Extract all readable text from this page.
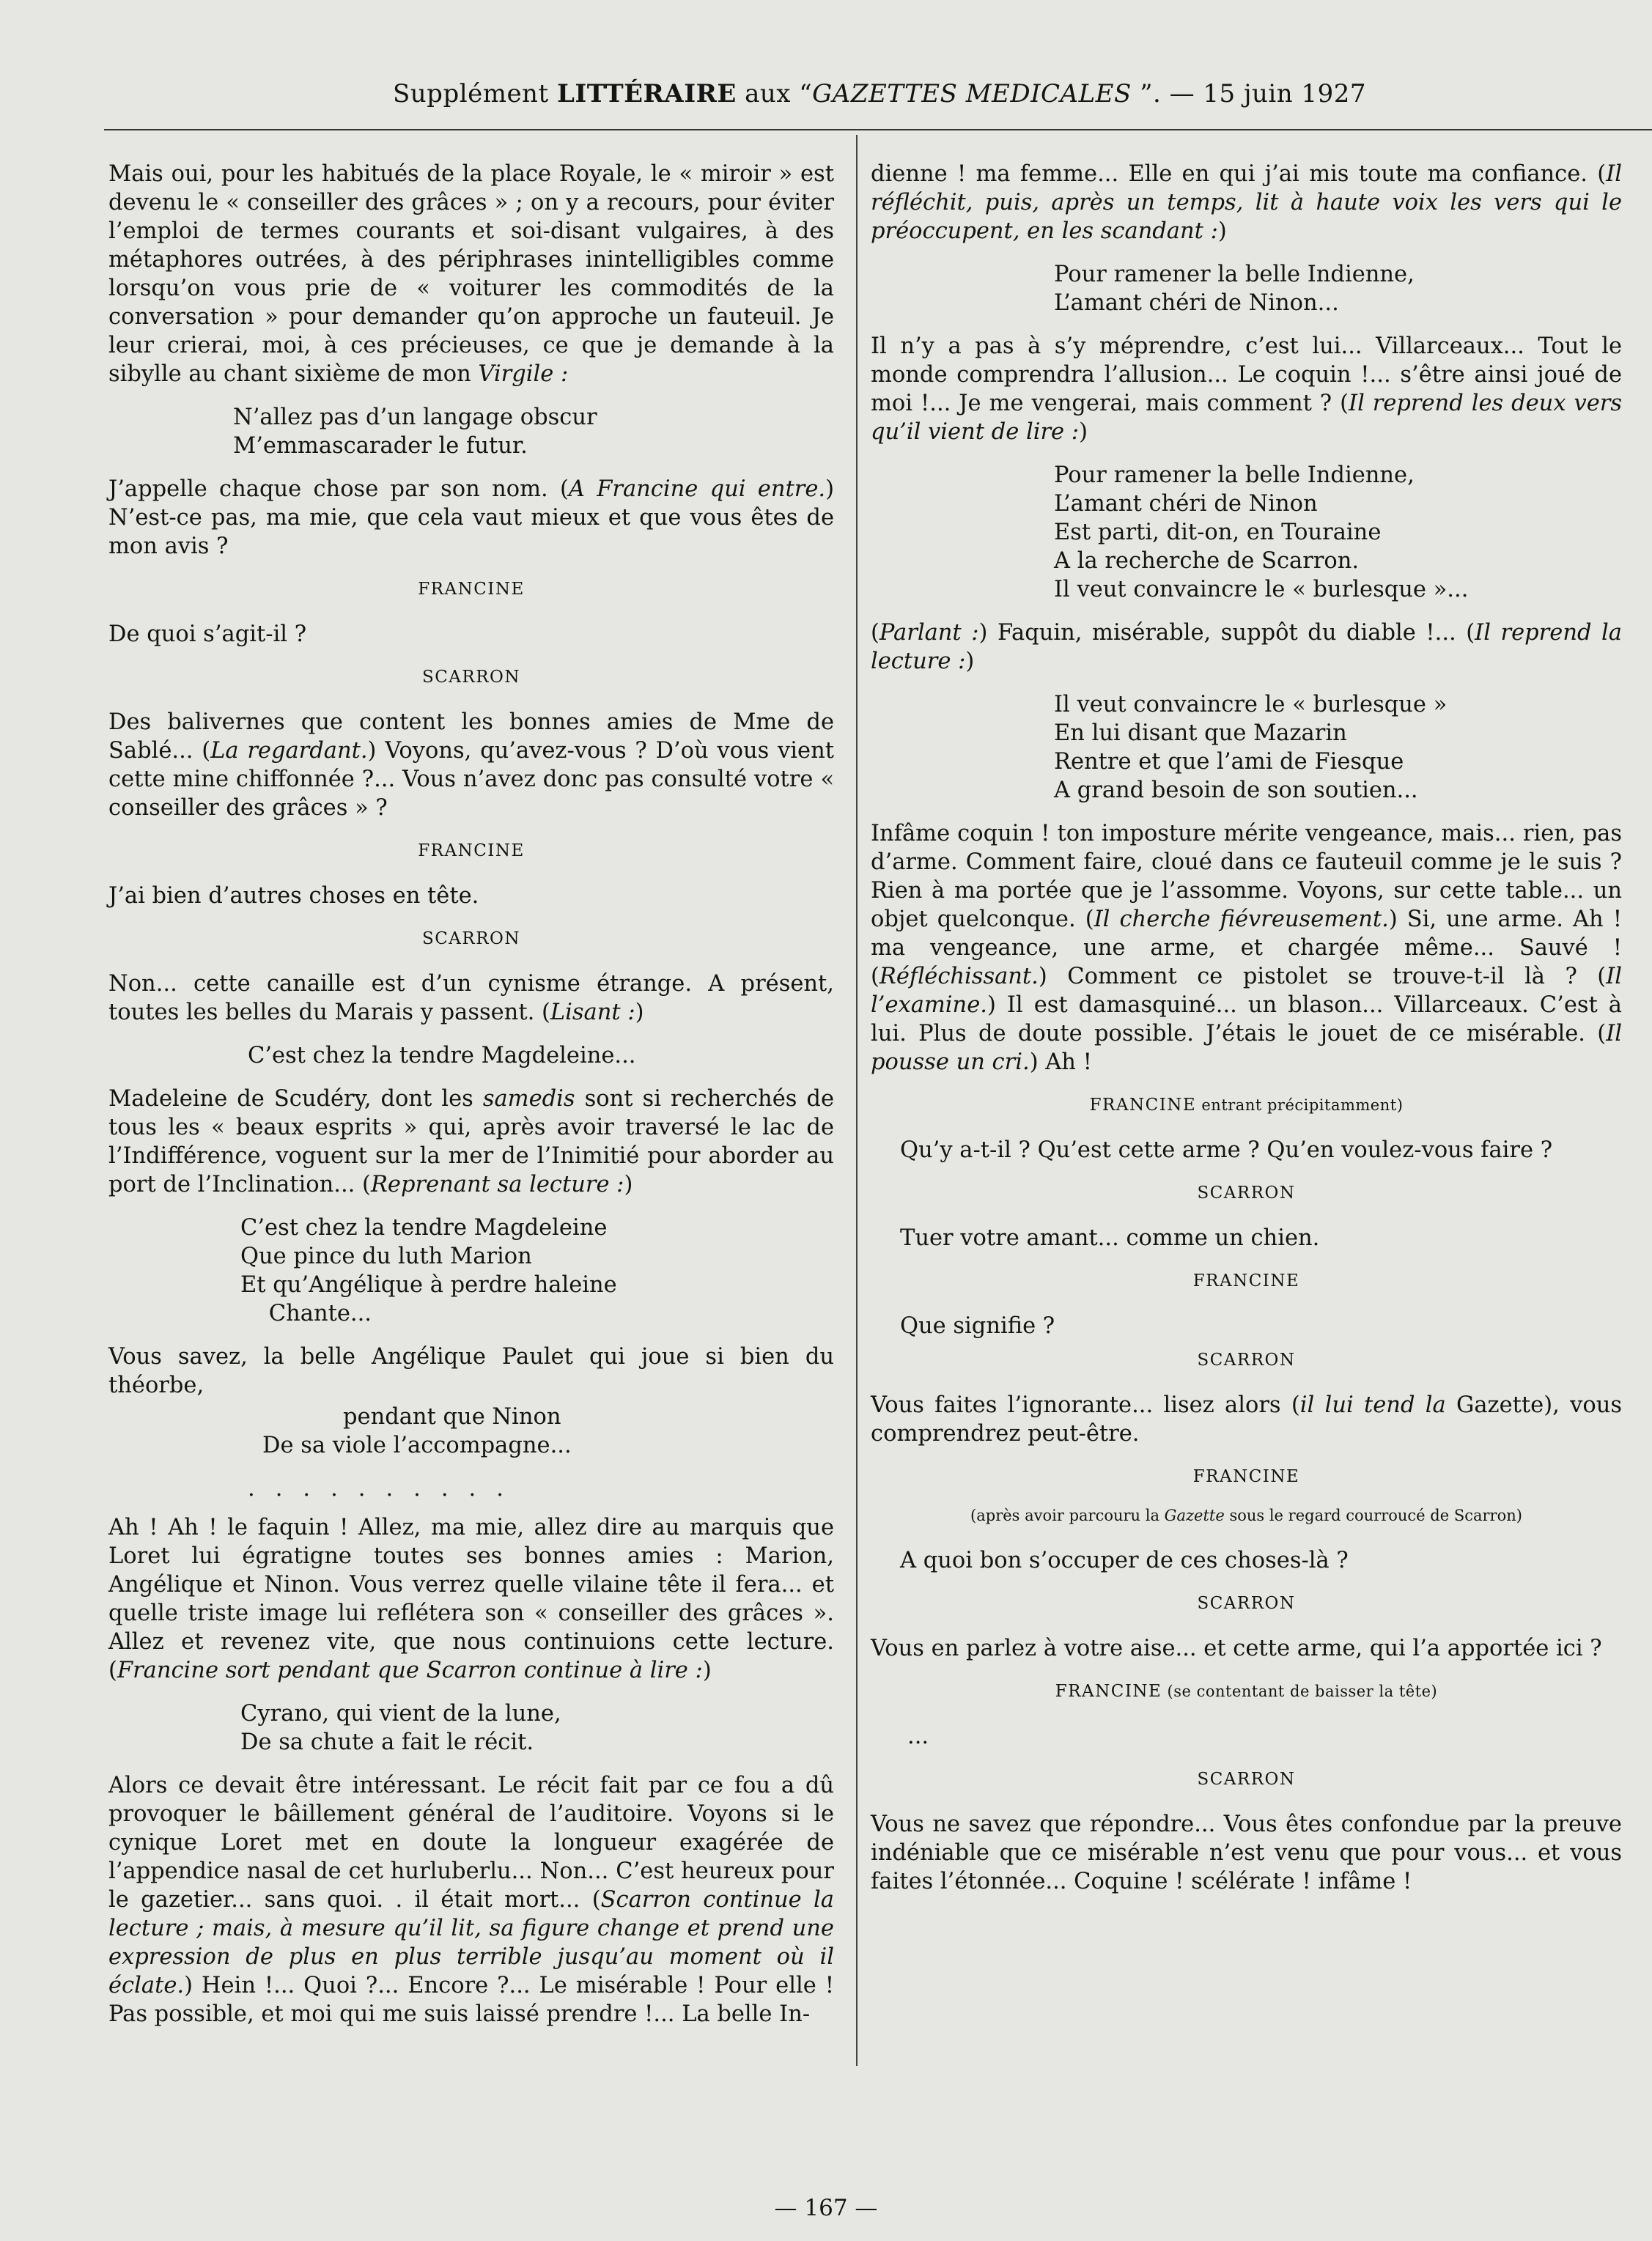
Supplément LITTÉRAIRE aux “GAZETTES MEDICALES ”. — 15 juin 1927

Mais oui, pour les habitués de la place Royale, le « miroir » est devenu le « conseiller des grâces » ; on y a recours, pour éviter l’emploi de termes courants et soi-disant vulgaires, à des métaphores outrées, à des périphrases inintelligibles comme lorsqu’on vous prie de « voiturer les commodités de la conversation » pour demander qu’on approche un fauteuil. Je leur crierai, moi, à ces précieuses, ce que je demande à la sibylle au chant sixième de mon Virgile :

N’allez pas d’un langage obscur
M’emmascarader le futur.

J’appelle chaque chose par son nom. (A Francine qui entre.) N’est-ce pas, ma mie, que cela vaut mieux et que vous êtes de mon avis ?

FRANCINE

De quoi s’agit-il ?

SCARRON

Des balivernes que content les bonnes amies de Mme de Sablé... (La regardant.) Voyons, qu’avez-vous ? D’où vous vient cette mine chiffonnée ?... Vous n’avez donc pas consulté votre « conseiller des grâces » ?

FRANCINE

J’ai bien d’autres choses en tête.

SCARRON

Non... cette canaille est d’un cynisme étrange. A présent, toutes les belles du Marais y passent. (Lisant :)

C’est chez la tendre Magdeleine...

Madeleine de Scudéry, dont les samedis sont si recherchés de tous les « beaux esprits » qui, après avoir traversé le lac de l’Indifférence, voguent sur la mer de l’Inimitié pour aborder au port de l’Inclination... (Reprenant sa lecture :)

C’est chez la tendre Magdeleine
Que pince du luth Marion
Et qu’Angélique à perdre haleine
Chante...

Vous savez, la belle Angélique Paulet qui joue si bien du théorbe,

pendant que Ninon
De sa viole l’accompagne...
..........

Ah ! Ah ! le faquin ! Allez, ma mie, allez dire au marquis que Loret lui égratigne toutes ses bonnes amies : Marion, Angélique et Ninon. Vous verrez quelle vilaine tête il fera... et quelle triste image lui reflétera son « conseiller des grâces ». Allez et revenez vite, que nous continuions cette lecture. (Francine sort pendant que Scarron continue à lire :)

Cyrano, qui vient de la lune,
De sa chute a fait le récit.

Alors ce devait être intéressant. Le récit fait par ce fou a dû provoquer le bâillement général de l’auditoire. Voyons si le cynique Loret met en doute la longueur exagérée de l’appendice nasal de cet hurluberlu... Non... C’est heureux pour le gazetier... sans quoi. . il était mort... (Scarron continue la lecture ; mais, à mesure qu’il lit, sa figure change et prend une expression de plus en plus terrible jusqu’au moment où il éclate.) Hein !... Quoi ?... Encore ?... Le misérable ! Pour elle ! Pas possible, et moi qui me suis laissé prendre !... La belle In-

dienne ! ma femme... Elle en qui j’ai mis toute ma confiance. (Il réfléchit, puis, après un temps, lit à haute voix les vers qui le préoccupent, en les scandant :)

Pour ramener la belle Indienne,
L’amant chéri de Ninon...

Il n’y a pas à s’y méprendre, c’est lui... Villarceaux... Tout le monde comprendra l’allusion... Le coquin !... s’être ainsi joué de moi !... Je me vengerai, mais comment ? (Il reprend les deux vers qu’il vient de lire :)

Pour ramener la belle Indienne,
L’amant chéri de Ninon
Est parti, dit-on, en Touraine
A la recherche de Scarron.
Il veut convaincre le « burlesque »...

(Parlant :) Faquin, misérable, suppôt du diable !... (Il reprend la lecture :)

Il veut convaincre le « burlesque »
En lui disant que Mazarin
Rentre et que l’ami de Fiesque
A grand besoin de son soutien...

Infâme coquin ! ton imposture mérite vengeance, mais... rien, pas d’arme. Comment faire, cloué dans ce fauteuil comme je le suis ? Rien à ma portée que je l’assomme. Voyons, sur cette table... un objet quelconque. (Il cherche fiévreusement.) Si, une arme. Ah ! ma vengeance, une arme, et chargée même... Sauvé ! (Réfléchissant.) Comment ce pistolet se trouve-t-il là ? (Il l’examine.) Il est damasquiné... un blason... Villarceaux. C’est à lui. Plus de doute possible. J’étais le jouet de ce misérable. (Il pousse un cri.) Ah !

FRANCINE entrant précipitamment)

Qu’y a-t-il ? Qu’est cette arme ? Qu’en voulez-vous faire ?

SCARRON

Tuer votre amant... comme un chien.

FRANCINE

Que signifie ?

SCARRON

Vous faites l’ignorante... lisez alors (il lui tend la Gazette), vous comprendrez peut-être.

FRANCINE
(après avoir parcouru la Gazette sous le regard courroucé de Scarron)

A quoi bon s’occuper de ces choses-là ?

SCARRON

Vous en parlez à votre aise... et cette arme, qui l’a apportée ici ?

FRANCINE (se contentant de baisser la tête)

...

SCARRON

Vous ne savez que répondre... Vous êtes confondue par la preuve indéniable que ce misérable n’est venu que pour vous... et vous faites l’étonnée... Coquine ! scélérate ! infâme !

— 167 —
